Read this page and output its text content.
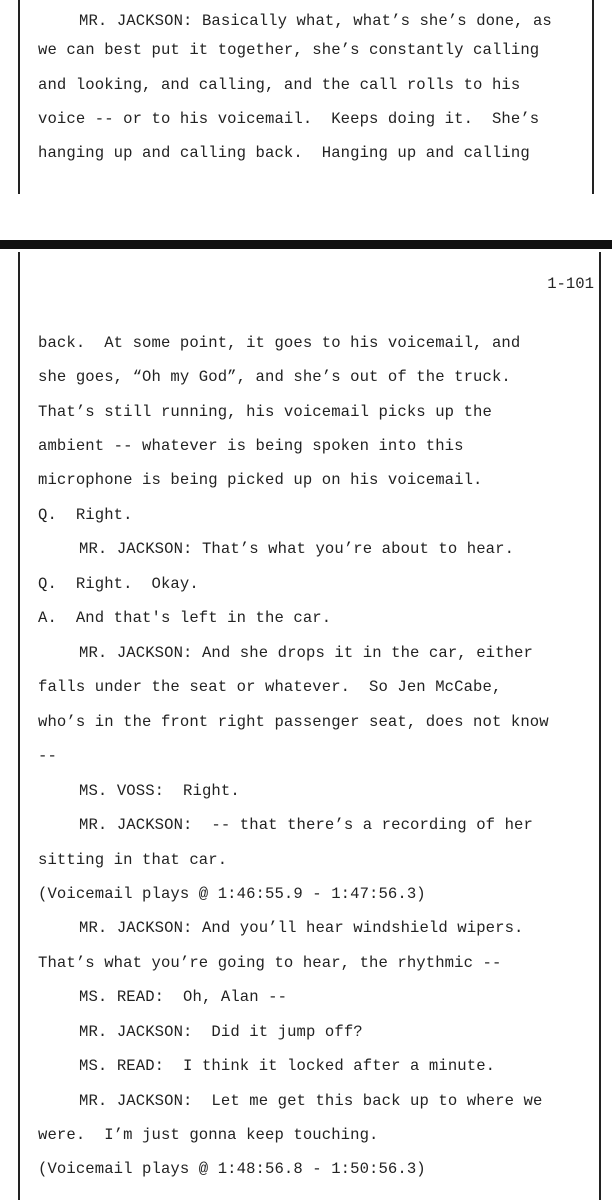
MR. JACKSON: Basically what, what’s she’s done, as
we can best put it together, she’s constantly calling
and looking, and calling, and the call rolls to his
voice -- or to his voicemail.  Keeps doing it.  She’s
hanging up and calling back.  Hanging up and calling
1-101
back.  At some point, it goes to his voicemail, and
she goes, “Oh my God”, and she’s out of the truck.
That’s still running, his voicemail picks up the
ambient -- whatever is being spoken into this
microphone is being picked up on his voicemail.
Q.  Right.
MR. JACKSON: That’s what you’re about to hear.
Q.  Right.  Okay.
A.  And that's left in the car.
MR. JACKSON: And she drops it in the car, either
falls under the seat or whatever.  So Jen McCabe,
who’s in the front right passenger seat, does not know
--
MS. VOSS:  Right.
MR. JACKSON:  -- that there’s a recording of her
sitting in that car.
(Voicemail plays @ 1:46:55.9 - 1:47:56.3)
MR. JACKSON: And you’ll hear windshield wipers.
That’s what you’re going to hear, the rhythmic --
MS. READ:  Oh, Alan --
MR. JACKSON:  Did it jump off?
MS. READ:  I think it locked after a minute.
MR. JACKSON:  Let me get this back up to where we
were.  I’m just gonna keep touching.
(Voicemail plays @ 1:48:56.8 - 1:50:56.3)
